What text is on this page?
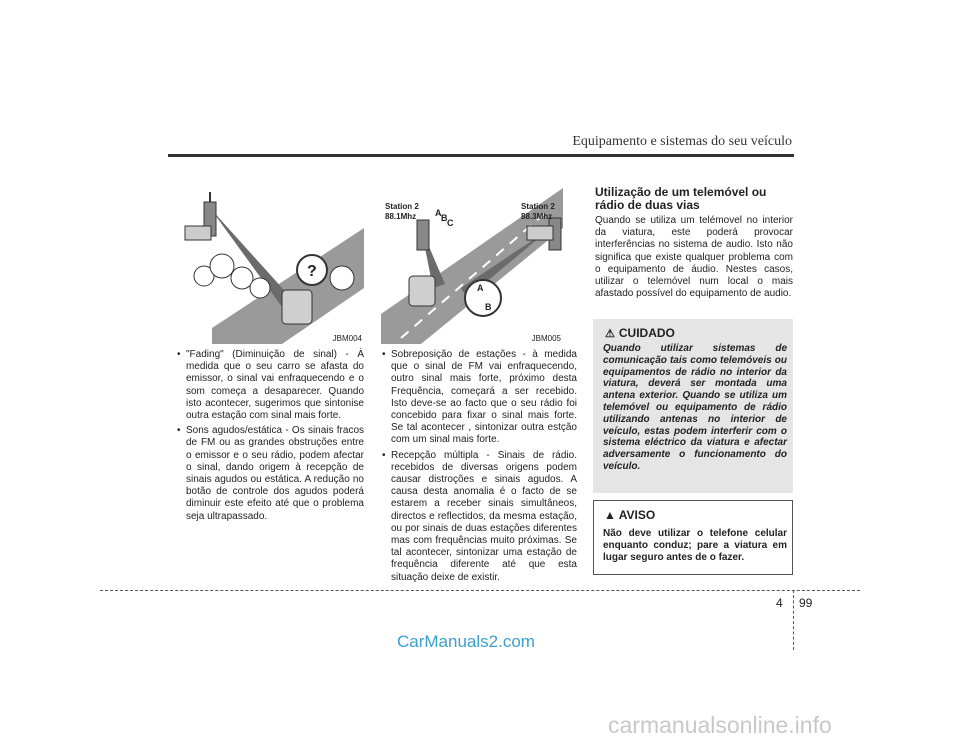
Equipamento e sistemas do seu veículo
?
JBM004
Station 2
88.1Mhz
Station 2
88.3Mhz
A B C
A
B
JBM005
• "Fading" (Diminuição de sinal) - À medida que o seu carro se afasta do emissor, o sinal vai enfraquecendo e o som começa a desaparecer. Quando isto acontecer, sugerimos que sintonise outra estação com sinal mais forte.
• Sons agudos/estática - Os sinais fracos de FM ou as grandes obstruções entre o emissor e o seu rádio, podem afectar o sinal, dando origem à recepção de sinais agudos ou estática. A redução no botão de controle dos agudos poderá diminuir este efeito até que o problema seja ultrapassado.
• Sobreposição de estações - à medida que o sinal de FM vai enfraquecendo, outro sinal mais forte, próximo desta Frequência, começará a ser recebido. Isto deve-se ao facto que o seu rádio foi concebido para fixar o sinal mais forte. Se tal acontecer , sintonizar outra estção com um sinal mais forte.
• Recepção múltipla - Sinais de rádio. recebidos de diversas origens podem causar distrоções e sinais agudos. A causa desta anomalia é o facto de se estarem a receber sinais simultâneos, directos e reflectidos, da mesma estação, ou por sinais de duas estações diferentes mas com frequências muito próximas. Se tal acontecer, sintonizar uma estação de frequência diferente até que esta situação deixe de existir.
Utilização de um telemóvel ou rádio de duas vias
Quando se utiliza um telémovel no interior da viatura, este poderá provocar interferências no sistema de audio. Isto não significa que existe qualquer problema com o equipamento de áudio. Nestes casos, utilizar o telemóvel num local o mais afastado possível do equipamento de audio.
⚠ CUIDADO
Quando utilizar sistemas de comunicação tais como telemóveis ou equipamentos de rádio no interior da viatura, deverá ser montada uma antena exterior. Quando se utiliza um telemóvel ou equipamento de rádio utilizando antenas no interior de veículo, estas podem interferir com o sistema eléctrico da viatura e afectar adversamente o funcionamento do veículo.
▲ AVISO
Não deve utilizar o telefone celular enquanto conduz; pare a viatura em lugar seguro antes de o fazer.
4 99
CarManuals2.com
carmanualsonline.info
